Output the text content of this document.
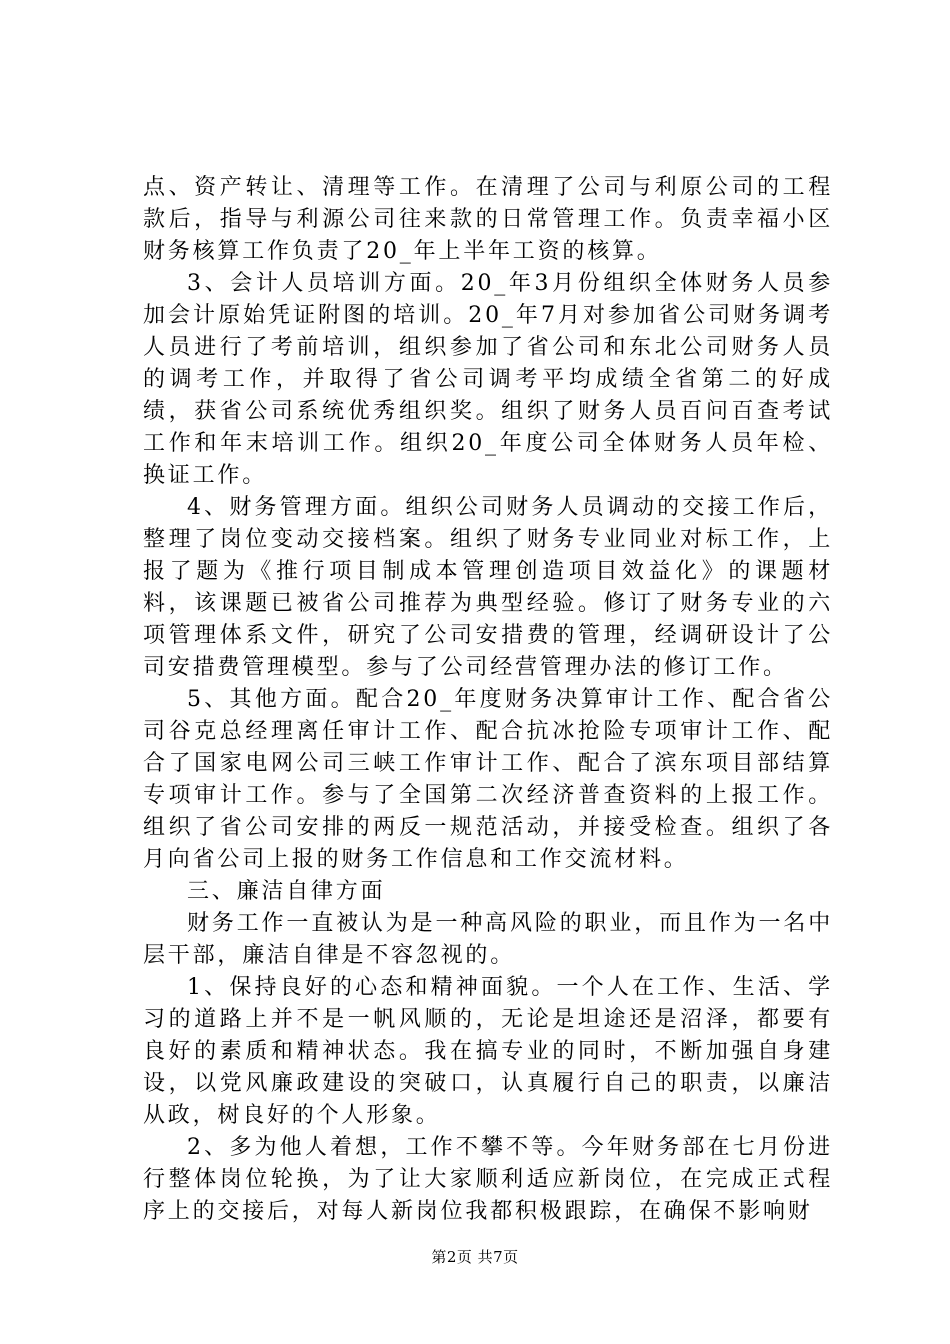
点、资产转让、清理等工作。在清理了公司与利原公司的工程款后，指导与利源公司往来款的日常管理工作。负责幸福小区财务核算工作负责了20_年上半年工资的核算。

3、会计人员培训方面。20_年3月份组织全体财务人员参加会计原始凭证附图的培训。20_年7月对参加省公司财务调考人员进行了考前培训，组织参加了省公司和东北公司财务人员的调考工作，并取得了省公司调考平均成绩全省第二的好成绩，获省公司系统优秀组织奖。组织了财务人员百问百查考试工作和年末培训工作。组织20_年度公司全体财务人员年检、换证工作。

4、财务管理方面。组织公司财务人员调动的交接工作后，整理了岗位变动交接档案。组织了财务专业同业对标工作，上报了题为《推行项目制成本管理创造项目效益化》的课题材料，该课题已被省公司推荐为典型经验。修订了财务专业的六项管理体系文件，研究了公司安措费的管理，经调研设计了公司安措费管理模型。参与了公司经营管理办法的修订工作。

5、其他方面。配合20_年度财务决算审计工作、配合省公司谷克总经理离任审计工作、配合抗冰抢险专项审计工作、配合了国家电网公司三峡工作审计工作、配合了滨东项目部结算专项审计工作。参与了全国第二次经济普查资料的上报工作。组织了省公司安排的两反一规范活动，并接受检查。组织了各月向省公司上报的财务工作信息和工作交流材料。

三、廉洁自律方面

财务工作一直被认为是一种高风险的职业，而且作为一名中层干部，廉洁自律是不容忽视的。

1、保持良好的心态和精神面貌。一个人在工作、生活、学习的道路上并不是一帆风顺的，无论是坦途还是沼泽，都要有良好的素质和精神状态。我在搞专业的同时，不断加强自身建设，以党风廉政建设的突破口，认真履行自己的职责，以廉洁从政，树良好的个人形象。

2、多为他人着想，工作不攀不等。今年财务部在七月份进行整体岗位轮换，为了让大家顺利适应新岗位，在完成正式程序上的交接后，对每人新岗位我都积极跟踪，在确保不影响财

第2页 共7页
